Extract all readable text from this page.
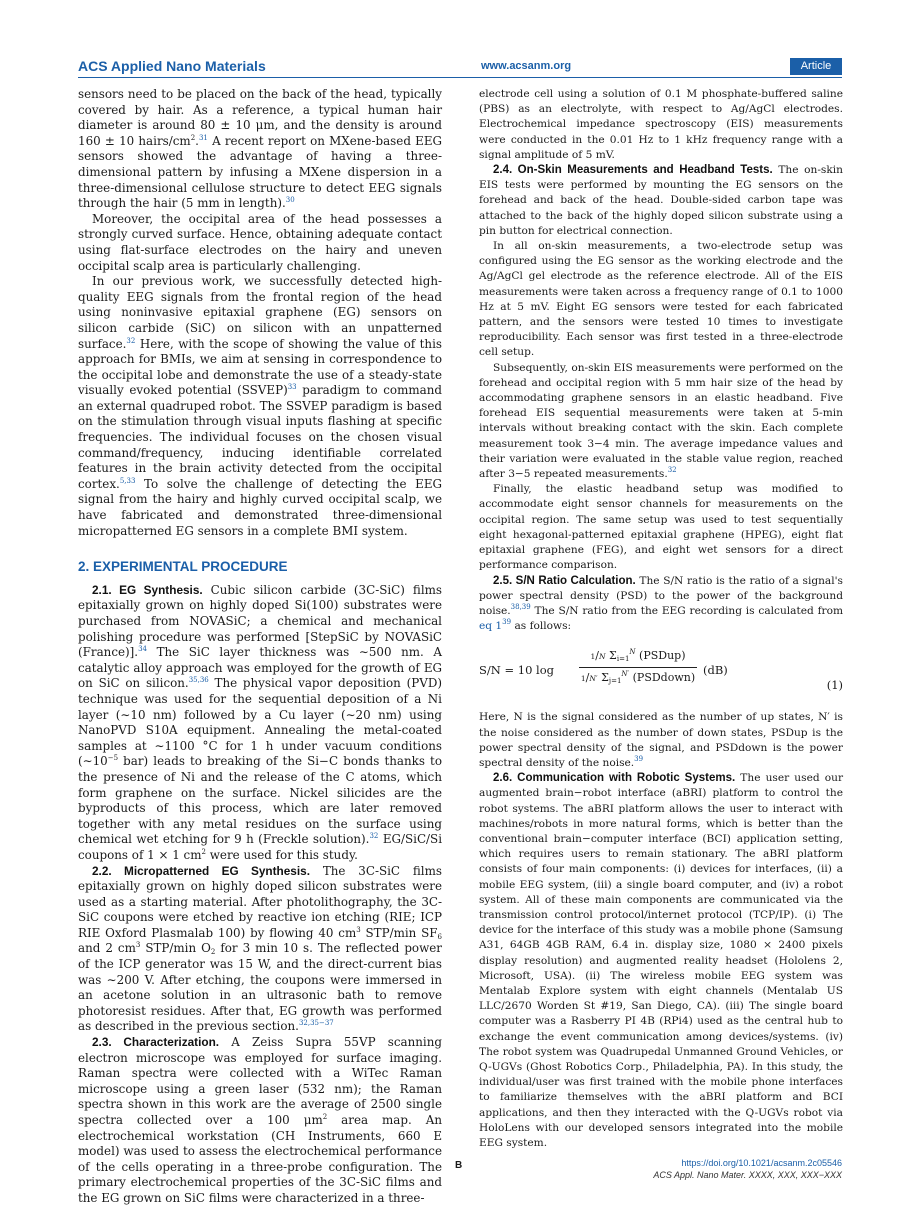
ACS Applied Nano Materials	www.acsanm.org	Article

sensors need to be placed on the back of the head, typically covered by hair. As a reference, a typical human hair diameter is around 80 ± 10 μm, and the density is around 160 ± 10 hairs/$cm^2.^{31}$ A recent report on MXene-based EEG sensors showed the advantage of having a three-dimensional pattern by infusing a MXene dispersion in a three-dimensional cellulose structure to detect EEG signals through the hair (5 mm in length).$^{30}$

Moreover, the occipital area of the head possesses a strongly curved surface. Hence, obtaining adequate contact using flat-surface electrodes on the hairy and uneven occipital scalp area is particularly challenging.

In our previous work, we successfully detected high-quality EEG signals from the frontal region of the head using noninvasive epitaxial graphene (EG) sensors on silicon carbide (SiC) on silicon with an unpatterned surface.$^{32}$ Here, with the scope of showing the value of this approach for BMIs, we aim at sensing in correspondence to the occipital lobe and demonstrate the use of a steady-state visually evoked potential (SSVEP)$^{33}$ paradigm to command an external quadruped robot. The SSVEP paradigm is based on the stimulation through visual inputs flashing at specific frequencies. The individual focuses on the chosen visual command/frequency, inducing identifiable correlated features in the brain activity detected from the occipital cortex.$^{5,33}$ To solve the challenge of detecting the EEG signal from the hairy and highly curved occipital scalp, we have fabricated and demonstrated three-dimensional micropatterned EG sensors in a complete BMI system.

2. EXPERIMENTAL PROCEDURE

2.1. EG Synthesis. Cubic silicon carbide (3C-SiC) films epitaxially grown on highly doped Si(100) substrates were purchased from NOVASiC; a chemical and mechanical polishing procedure was performed [StepSiC by NOVASiC (France)].$^{34}$ The SiC layer thickness was ∼500 nm. A catalytic alloy approach was employed for the growth of EG on SiC on silicon.$^{35,36}$ The physical vapor deposition (PVD) technique was used for the sequential deposition of a Ni layer (∼10 nm) followed by a Cu layer (∼20 nm) using NanoPVD S10A equipment. Annealing the metal-coated samples at ∼1100 °C for 1 h under vacuum conditions ($\sim 10^{-5}$ bar) leads to breaking of the Si−C bonds thanks to the presence of Ni and the release of the C atoms, which form graphene on the surface. Nickel silicides are the byproducts of this process, which are later removed together with any metal residues on the surface using chemical wet etching for 9 h (Freckle solution).$^{32}$ EG/SiC/Si coupons of 1 × 1 $cm^2$ were used for this study.

2.2. Micropatterned EG Synthesis. The 3C-SiC films epitaxially grown on highly doped silicon substrates were used as a starting material. After photolithography, the 3C-SiC coupons were etched by reactive ion etching (RIE; ICP RIE Oxford Plasmalab 100) by flowing 40 $cm^3$ STP/min $SF_6$ and 2 $cm^3$ STP/min $O_2$ for 3 min 10 s. The reflected power of the ICP generator was 15 W, and the direct-current bias was ∼200 V. After etching, the coupons were immersed in an acetone solution in an ultrasonic bath to remove photoresist residues. After that, EG growth was performed as described in the previous section.$^{32,35-37}$

2.3. Characterization. A Zeiss Supra 55VP scanning electron microscope was employed for surface imaging. Raman spectra were collected with a WiTec Raman microscope using a green laser (532 nm); the Raman spectra shown in this work are the average of 2500 single spectra collected over a 100 $\mu m^2$ area map. An electrochemical workstation (CH Instruments, 660 E model) was used to assess the electrochemical performance of the cells operating in a three-probe configuration. The primary electrochemical properties of the 3C-SiC films and the EG grown on SiC films were characterized in a three-

electrode cell using a solution of 0.1 M phosphate-buffered saline (PBS) as an electrolyte, with respect to Ag/AgCl electrodes. Electrochemical impedance spectroscopy (EIS) measurements were conducted in the 0.01 Hz to 1 kHz frequency range with a signal amplitude of 5 mV.

2.4. On-Skin Measurements and Headband Tests. The on-skin EIS tests were performed by mounting the EG sensors on the forehead and back of the head. Double-sided carbon tape was attached to the back of the highly doped silicon substrate using a pin button for electrical connection.

In all on-skin measurements, a two-electrode setup was configured using the EG sensor as the working electrode and the Ag/AgCl gel electrode as the reference electrode. All of the EIS measurements were taken across a frequency range of 0.1 to 1000 Hz at 5 mV. Eight EG sensors were tested for each fabricated pattern, and the sensors were tested 10 times to investigate reproducibility. Each sensor was first tested in a three-electrode cell setup.

Subsequently, on-skin EIS measurements were performed on the forehead and occipital region with 5 mm hair size of the head by accommodating graphene sensors in an elastic headband. Five forehead EIS sequential measurements were taken at 5-min intervals without breaking contact with the skin. Each complete measurement took 3−4 min. The average impedance values and their variation were evaluated in the stable value region, reached after 3−5 repeated measurements.$^{32}$

Finally, the elastic headband setup was modified to accommodate eight sensor channels for measurements on the occipital region. The same setup was used to test sequentially eight hexagonal-patterned epitaxial graphene (HPEG), eight flat epitaxial graphene (FEG), and eight wet sensors for a direct performance comparison.

2.5. S/N Ratio Calculation. The S/N ratio is the ratio of a signal's power spectral density (PSD) to the power of the background noise.$^{38,39}$ The S/N ratio from the EEG recording is calculated from eq 1$^{39}$ as follows:

S/N = 10 log
1/N $\Sigma_{i=1}^N$ (PSDup)
1/N′ $\Sigma_{j=1}^{N'}$ (PSDdown) (dB)
(1)

Here, N is the signal considered as the number of up states, N′ is the noise considered as the number of down states, PSDup is the power spectral density of the signal, and PSDdown is the power spectral density of the noise.$^{39}$

2.6. Communication with Robotic Systems. The user used our augmented brain−robot interface (aBRI) platform to control the robot systems. The aBRI platform allows the user to interact with machines/robots in more natural forms, which is better than the conventional brain−computer interface (BCI) application setting, which requires users to remain stationary. The aBRI platform consists of four main components: (i) devices for interfaces, (ii) a mobile EEG system, (iii) a single board computer, and (iv) a robot system. All of these main components are communicated via the transmission control protocol/internet protocol (TCP/IP). (i) The device for the interface of this study was a mobile phone (Samsung A31, 64GB 4GB RAM, 6.4 in. display size, 1080 × 2400 pixels display resolution) and augmented reality headset (Hololens 2, Microsoft, USA). (ii) The wireless mobile EEG system was Mentalab Explore system with eight channels (Mentalab US LLC/2670 Worden St #19, San Diego, CA). (iii) The single board computer was a Rasberry PI 4B (RPi4) used as the central hub to exchange the event communication among devices/systems. (iv) The robot system was Quadrupedal Unmanned Ground Vehicles, or Q-UGVs (Ghost Robotics Corp., Philadelphia, PA). In this study, the individual/user was first trained with the mobile phone interfaces to familiarize themselves with the aBRI platform and BCI applications, and then they interacted with the Q-UGVs robot via HoloLens with our developed sensors integrated into the mobile EEG system.

B	https://doi.org/10.1021/acsanm.2c05546
ACS Appl. Nano Mater. XXXX, XXX, XXX−XXX
